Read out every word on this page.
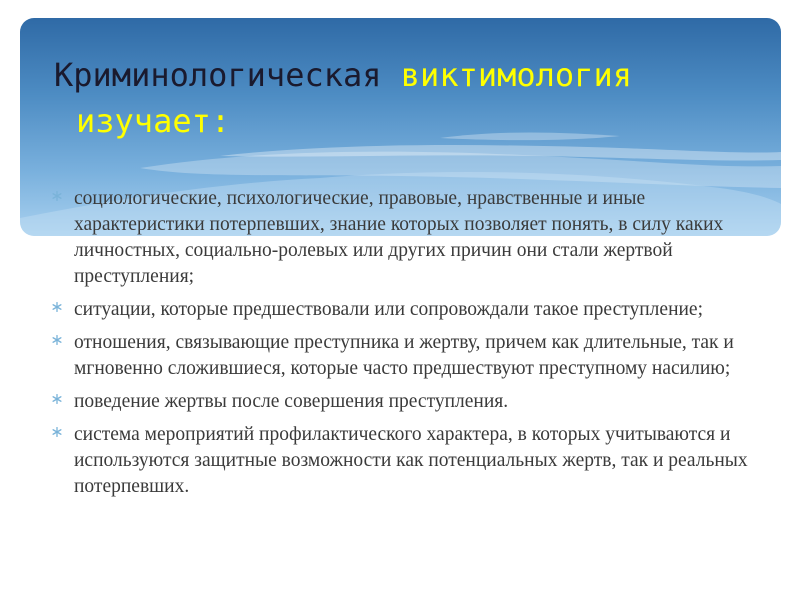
Криминологическая виктимология
изучает:
социологические, психологические, правовые, нравственные и иные характеристики потерпевших, знание которых позволяет понять, в силу каких личностных, социально-ролевых или других причин они стали жертвой преступления;
ситуации, которые предшествовали или сопровождали такое преступление;
отношения, связывающие преступника и жертву, причем как длительные, так и мгновенно сложившиеся, которые часто предшествуют преступному насилию;
поведение жертвы после совершения преступления.
система мероприятий профилактического характера, в которых учитываются и используются защитные возможности как потенциальных жертв, так и реальных потерпевших.
